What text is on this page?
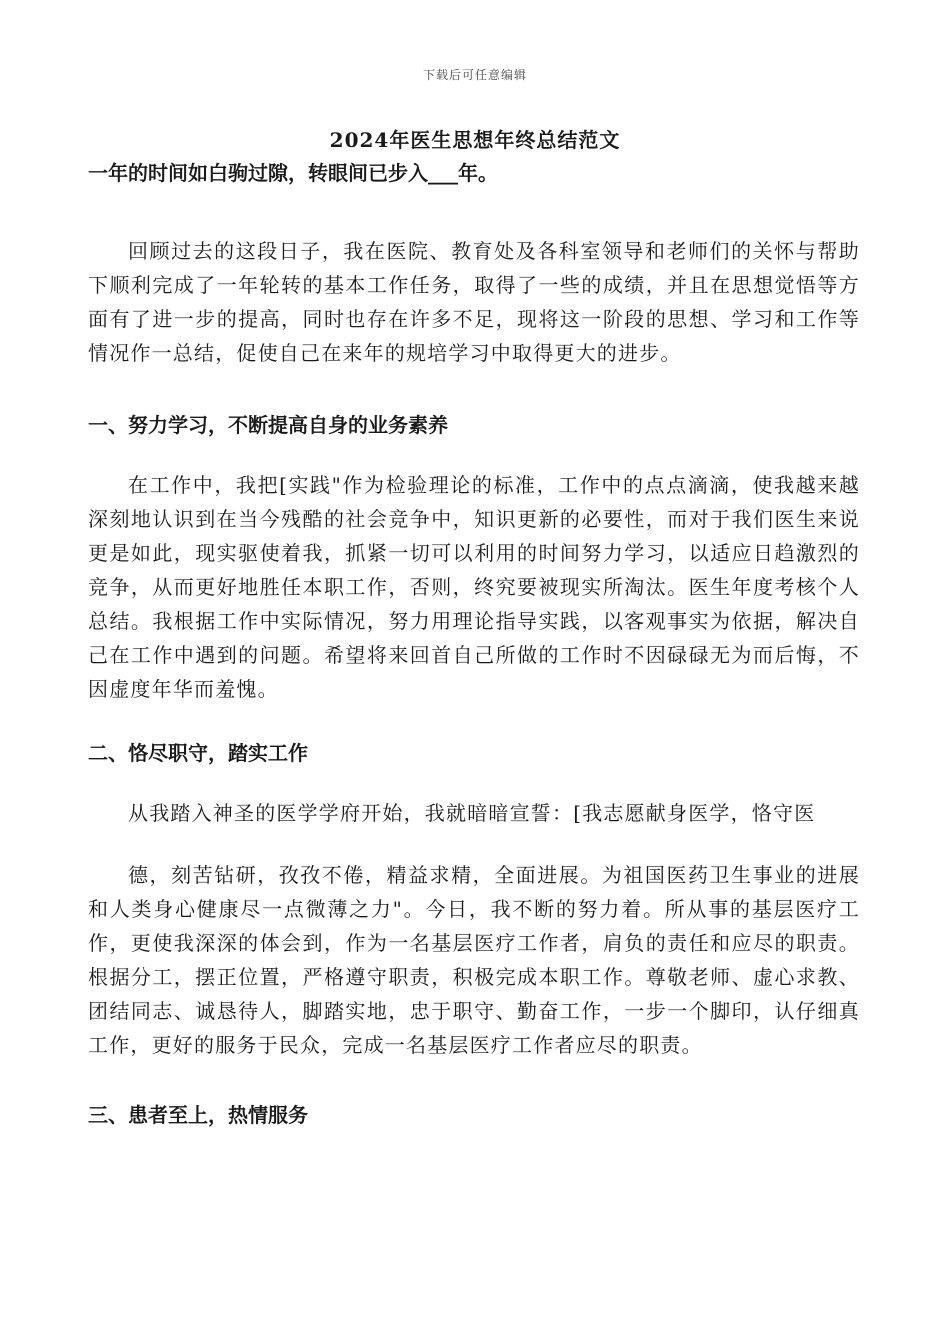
下载后可任意编辑
2024年医生思想年终总结范文

一年的时间如白驹过隙，转眼间已步入___年。

回顾过去的这段日子，我在医院、教育处及各科室领导和老师们的关怀与帮助下顺利完成了一年轮转的基本工作任务，取得了一些的成绩，并且在思想觉悟等方面有了进一步的提高，同时也存在许多不足，现将这一阶段的思想、学习和工作等情况作一总结，促使自己在来年的规培学习中取得更大的进步。

一、努力学习，不断提高自身的业务素养

在工作中，我把[实践"作为检验理论的标准，工作中的点点滴滴，使我越来越深刻地认识到在当今残酷的社会竞争中，知识更新的必要性，而对于我们医生来说更是如此，现实驱使着我，抓紧一切可以利用的时间努力学习，以适应日趋激烈的竞争，从而更好地胜任本职工作，否则，终究要被现实所淘汰。医生年度考核个人总结。我根据工作中实际情况，努力用理论指导实践，以客观事实为依据，解决自己在工作中遇到的问题。希望将来回首自己所做的工作时不因碌碌无为而后悔，不因虚度年华而羞愧。

二、恪尽职守，踏实工作

从我踏入神圣的医学学府开始，我就暗暗宣誓：[我志愿献身医学，恪守医

德，刻苦钻研，孜孜不倦，精益求精，全面进展。为祖国医药卫生事业的进展和人类身心健康尽一点微薄之力"。今日，我不断的努力着。所从事的基层医疗工作，更使我深深的体会到，作为一名基层医疗工作者，肩负的责任和应尽的职责。根据分工，摆正位置，严格遵守职责，积极完成本职工作。尊敬老师、虚心求教、团结同志、诚恳待人，脚踏实地，忠于职守、勤奋工作，一步一个脚印，认仔细真工作，更好的服务于民众，完成一名基层医疗工作者应尽的职责。

三、患者至上，热情服务
